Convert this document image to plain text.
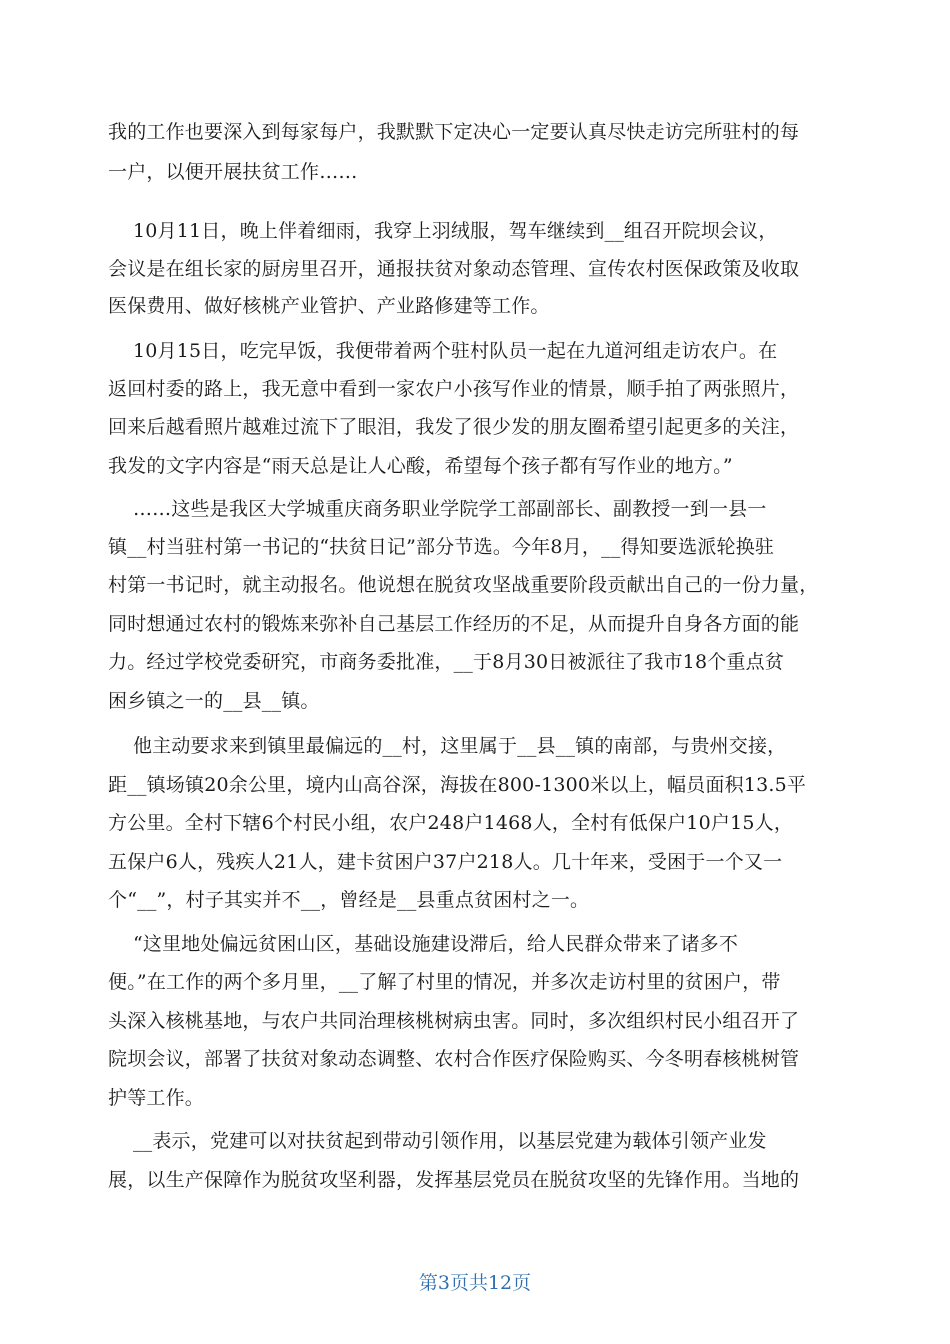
我的工作也要深入到每家每户，我默默下定决心一定要认真尽快走访完所驻村的每
一户，以便开展扶贫工作……
10月11日，晚上伴着细雨，我穿上羽绒服，驾车继续到__组召开院坝会议，
会议是在组长家的厨房里召开，通报扶贫对象动态管理、宣传农村医保政策及收取
医保费用、做好核桃产业管护、产业路修建等工作。
10月15日，吃完早饭，我便带着两个驻村队员一起在九道河组走访农户。在
返回村委的路上，我无意中看到一家农户小孩写作业的情景，顺手拍了两张照片，
回来后越看照片越难过流下了眼泪，我发了很少发的朋友圈希望引起更多的关注，
我发的文字内容是“雨天总是让人心酸，希望每个孩子都有写作业的地方。”
……这些是我区大学城重庆商务职业学院学工部副部长、副教授一到一县一
镇__村当驻村第一书记的“扶贫日记”部分节选。今年8月，__得知要选派轮换驻
村第一书记时，就主动报名。他说想在脱贫攻坚战重要阶段贡献出自己的一份力量，
同时想通过农村的锻炼来弥补自己基层工作经历的不足，从而提升自身各方面的能
力。经过学校党委研究，市商务委批准，__于8月30日被派往了我市18个重点贫
困乡镇之一的__县__镇。
他主动要求来到镇里最偏远的__村，这里属于__县__镇的南部，与贵州交接，
距__镇场镇20余公里，境内山高谷深，海拔在800-1300米以上，幅员面积13.5平
方公里。全村下辖6个村民小组，农户248户1468人，全村有低保户10户15人，
五保户6人，残疾人21人，建卡贫困户37户218人。几十年来，受困于一个又一
个“__”，村子其实并不__，曾经是__县重点贫困村之一。
“这里地处偏远贫困山区，基础设施建设滞后，给人民群众带来了诸多不
便。”在工作的两个多月里，__了解了村里的情况，并多次走访村里的贫困户，带
头深入核桃基地，与农户共同治理核桃树病虫害。同时，多次组织村民小组召开了
院坝会议，部署了扶贫对象动态调整、农村合作医疗保险购买、今冬明春核桃树管
护等工作。
__表示，党建可以对扶贫起到带动引领作用，以基层党建为载体引领产业发
展，以生产保障作为脱贫攻坚利器，发挥基层党员在脱贫攻坚的先锋作用。当地的
第3页共12页
